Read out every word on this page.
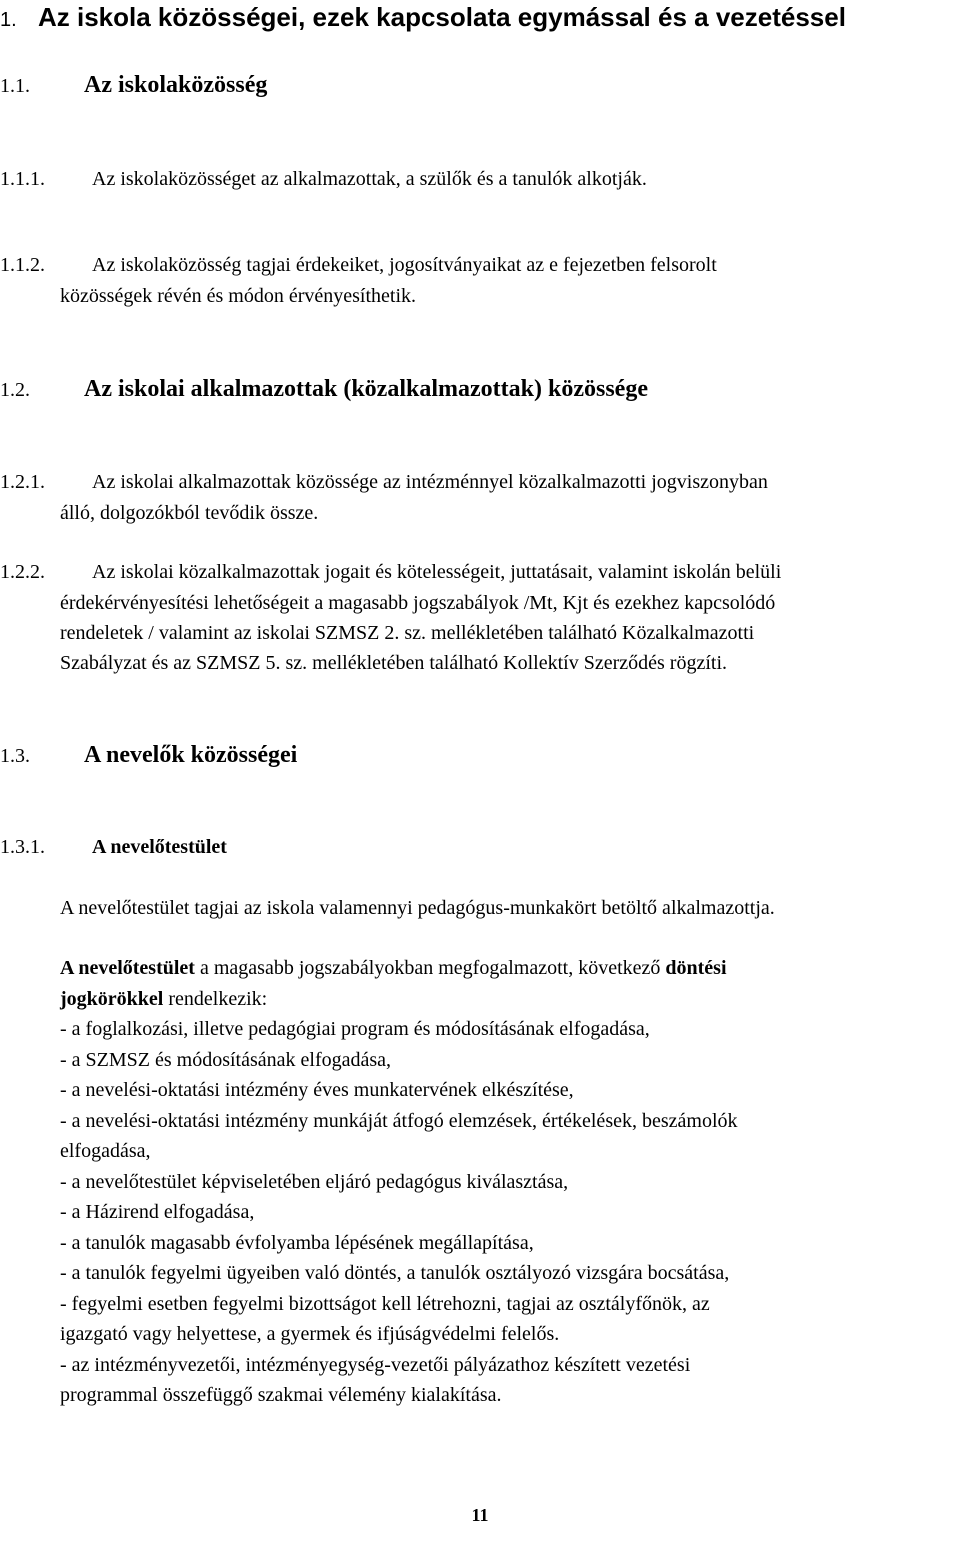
1. Az iskola közösségei, ezek kapcsolata egymással és a vezetéssel
1.1. Az iskolaközösség
1.1.1. Az iskolaközösséget az alkalmazottak, a szülők és a tanulók alkotják.
1.1.2. Az iskolaközösség tagjai érdekeiket, jogosítványaikat az e fejezetben felsorolt
közösségek révén és módon érvényesíthetik.
1.2. Az iskolai alkalmazottak (közalkalmazottak) közössége
1.2.1. Az iskolai alkalmazottak közössége az intézménnyel közalkalmazotti jogviszonyban
álló, dolgozókból tevődik össze.
1.2.2. Az iskolai közalkalmazottak jogait és kötelességeit, juttatásait, valamint iskolán belüli
érdekérvényesítési lehetőségeit a magasabb jogszabályok /Mt, Kjt és ezekhez kapcsolódó
rendeletek / valamint az iskolai SZMSZ 2. sz. mellékletében található Közalkalmazotti
Szabályzat és az SZMSZ 5. sz. mellékletében található Kollektív Szerződés rögzíti.
1.3. A nevelők közösségei
1.3.1. A nevelőtestület
A nevelőtestület tagjai az iskola valamennyi pedagógus-munkakört betöltő alkalmazottja.
A nevelőtestület a magasabb jogszabályokban megfogalmazott, következő döntési
jogkörökkel rendelkezik:
- a foglalkozási, illetve pedagógiai program és módosításának elfogadása,
- a SZMSZ és módosításának elfogadása,
- a nevelési-oktatási intézmény éves munkatervének elkészítése,
- a nevelési-oktatási intézmény munkáját átfogó elemzések, értékelések, beszámolók
elfogadása,
- a nevelőtestület képviseletében eljáró pedagógus kiválasztása,
- a Házirend elfogadása,
- a tanulók magasabb évfolyamba lépésének megállapítása,
- a tanulók fegyelmi ügyeiben való döntés, a tanulók osztályozó vizsgára bocsátása,
- fegyelmi esetben fegyelmi bizottságot kell létrehozni, tagjai az osztályfőnök, az
igazgató vagy helyettese, a gyermek és ifjúságvédelmi felelős.
- az intézményvezetői, intézményegység-vezetői pályázathoz készített vezetési
programmal összefüggő szakmai vélemény kialakítása.
11
